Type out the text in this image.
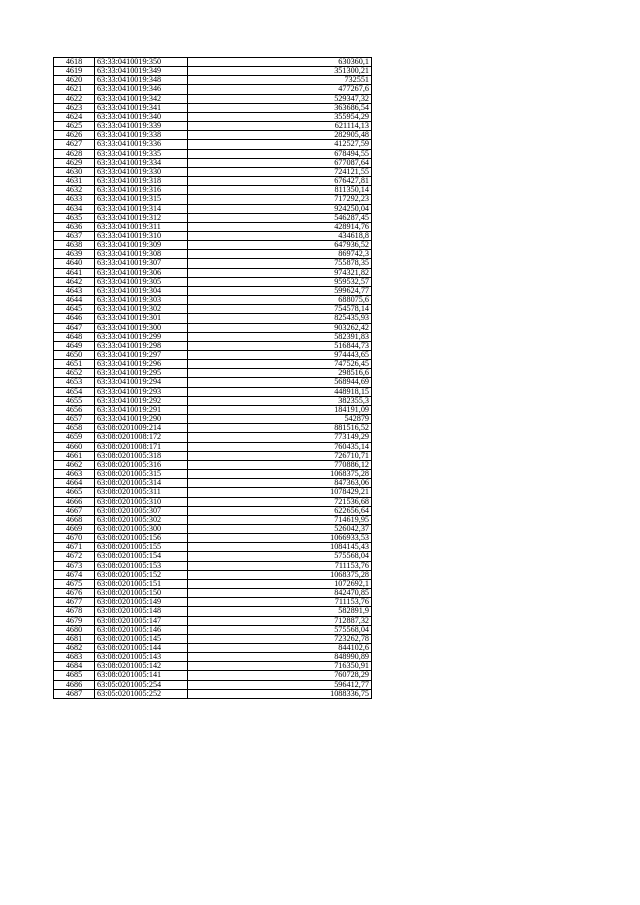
4618	63:33:0410019:350	630360,1
4619	63:33:0410019:349	351300,21
4620	63:33:0410019:348	732551
4621	63:33:0410019:346	477267,6
4622	63:33:0410019:342	529347,32
4623	63:33:0410019:341	363686,54
4624	63:33:0410019:340	355954,29
4625	63:33:0410019:339	621114,13
4626	63:33:0410019:338	282905,48
4627	63:33:0410019:336	412527,59
4628	63:33:0410019:335	678494,55
4629	63:33:0410019:334	677087,64
4630	63:33:0410019:330	724121,55
4631	63:33:0410019:318	676427,81
4632	63:33:0410019:316	811350,14
4633	63:33:0410019:315	717292,23
4634	63:33:0410019:314	924250,04
4635	63:33:0410019:312	546287,45
4636	63:33:0410019:311	428914,76
4637	63:33:0410019:310	434618,8
4638	63:33:0410019:309	647936,52
4639	63:33:0410019:308	869742,3
4640	63:33:0410019:307	755878,35
4641	63:33:0410019:306	974321,82
4642	63:33:0410019:305	959532,57
4643	63:33:0410019:304	599624,77
4644	63:33:0410019:303	688075,6
4645	63:33:0410019:302	754578,14
4646	63:33:0410019:301	825435,93
4647	63:33:0410019:300	903262,42
4648	63:33:0410019:299	582391,83
4649	63:33:0410019:298	516844,73
4650	63:33:0410019:297	974443,65
4651	63:33:0410019:296	747526,45
4652	63:33:0410019:295	298516,6
4653	63:33:0410019:294	568944,69
4654	63:33:0410019:293	448918,15
4655	63:33:0410019:292	382355,3
4656	63:33:0410019:291	184191,09
4657	63:33:0410019:290	542879
4658	63:08:0201009:214	881516,52
4659	63:08:0201008:172	773149,29
4660	63:08:0201008:171	760435,14
4661	63:08:0201005:318	726710,71
4662	63:08:0201005:316	770886,12
4663	63:08:0201005:315	1068375,28
4664	63:08:0201005:314	847363,06
4665	63:08:0201005:311	1078429,21
4666	63:08:0201005:310	721536,68
4667	63:08:0201005:307	622656,64
4668	63:08:0201005:302	714619,95
4669	63:08:0201005:300	526042,37
4670	63:08:0201005:156	1066933,53
4671	63:08:0201005:155	1084145,43
4672	63:08:0201005:154	575568,04
4673	63:08:0201005:153	711153,76
4674	63:08:0201005:152	1068375,28
4675	63:08:0201005:151	1072692,1
4676	63:08:0201005:150	842470,85
4677	63:08:0201005:149	711153,76
4678	63:08:0201005:148	582891,9
4679	63:08:0201005:147	712887,32
4680	63:08:0201005:146	575568,04
4681	63:08:0201005:145	723262,78
4682	63:08:0201005:144	844102,6
4683	63:08:0201005:143	848990,89
4684	63:08:0201005:142	716350,91
4685	63:08:0201005:141	760728,29
4686	63:05:0201005:254	596412,77
4687	63:05:0201005:252	1088336,75
